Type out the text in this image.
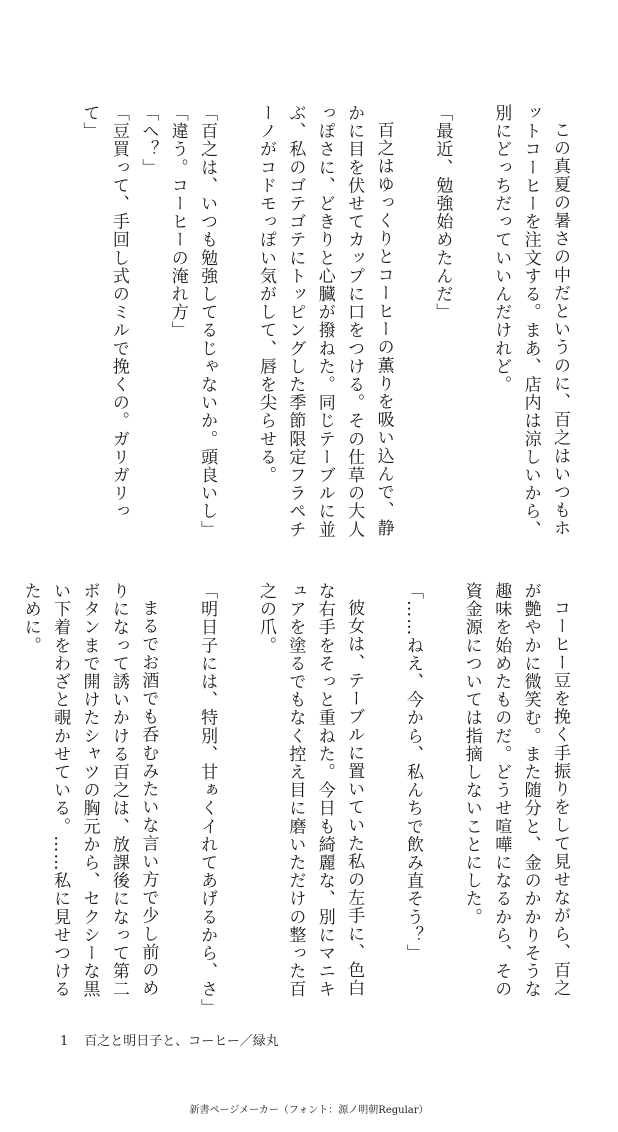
この真夏の暑さの中だというのに、百之はいつもホットコーヒーを注文する。まあ、店内は涼しいから、別にどっちだっていいんだけれど。

「最近、勉強始めたんだ」

百之はゆっくりとコーヒーの薫りを吸い込んで、静かに目を伏せてカップに口をつける。その仕草の大人っぽさに、どきりと心臓が撥ねた。同じテーブルに並ぶ、私のゴテゴテにトッピングした季節限定フラペチーノがコドモっぽい気がして、唇を尖らせる。

「百之は、いつも勉強してるじゃないか。頭良いし」

「違う。コーヒーの淹れ方」

「へ？」

「豆買って、手回し式のミルで挽くの。ガリガリって」

コーヒー豆を挽く手振りをして見せながら、百之が艶やかに微笑む。また随分と、金のかかりそうな趣味を始めたものだ。どうせ喧嘩になるから、その資金源については指摘しないことにした。

「……ねえ、今から、私んちで飲み直そう？」

彼女は、テーブルに置いていた私の左手に、色白な右手をそっと重ねた。今日も綺麗な、別にマニキュアを塗るでもなく控え目に磨いただけの整った百之の爪。

「明日子には、特別、甘ぁくイれてあげるから、さ」

まるでお酒でも呑むみたいな言い方で少し前のめりになって誘いかける百之は、放課後になって第二ボタンまで開けたシャツの胸元から、セクシーな黒い下着をわざと覗かせている。……私に見せつけるために。

1 百之と明日子と、コーヒー／緑丸
新書ページメーカー（フォント：源ノ明朝Regular）
